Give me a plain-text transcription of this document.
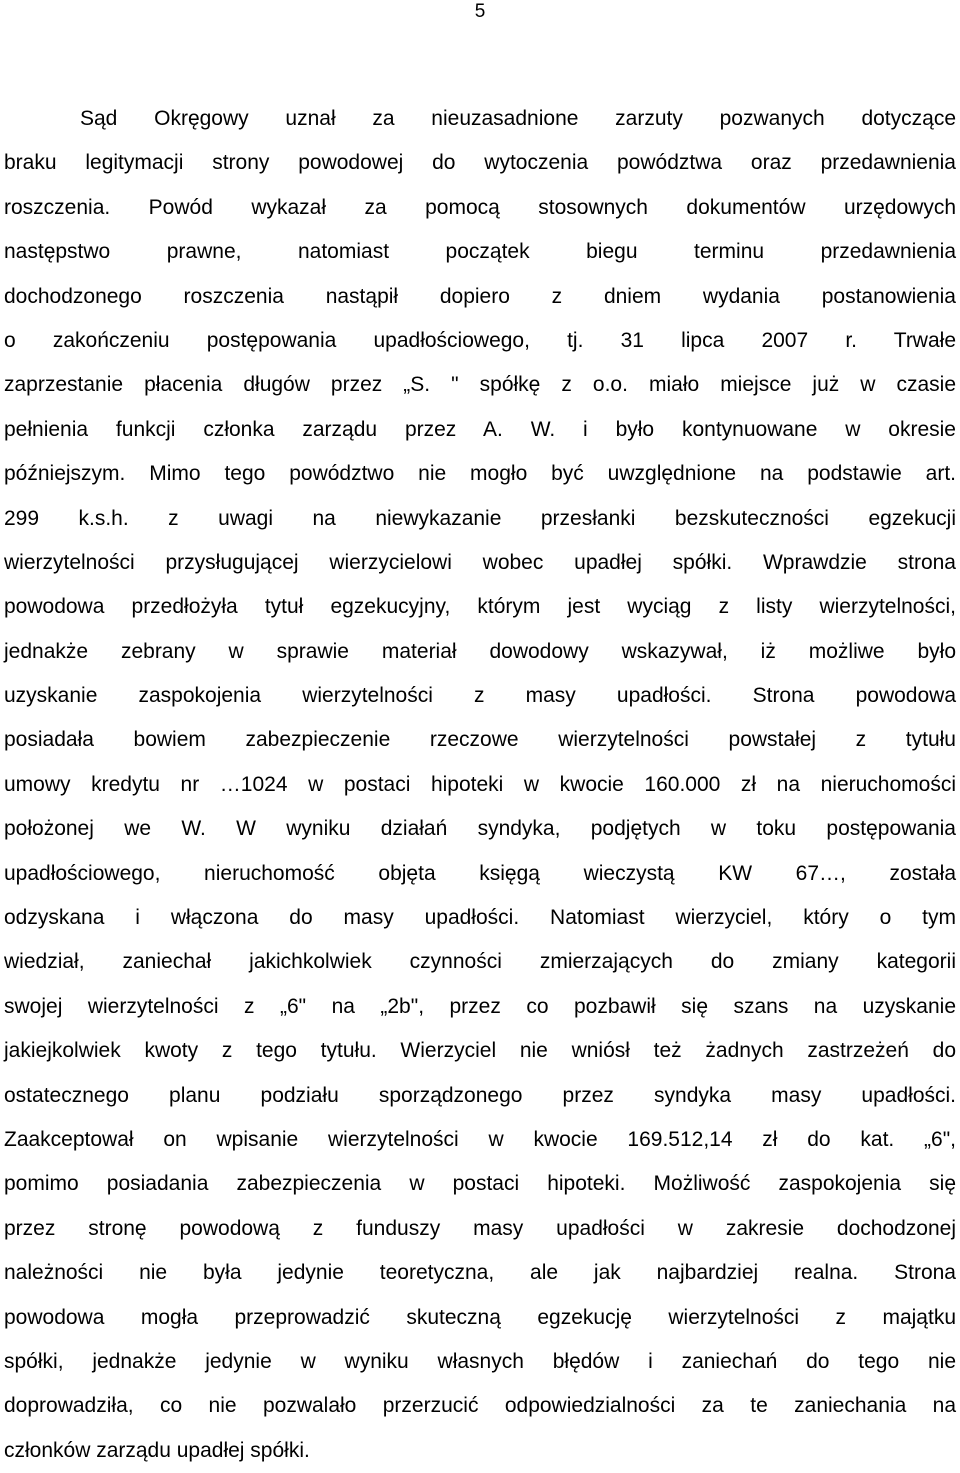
5
Sąd Okręgowy uznał za nieuzasadnione zarzuty pozwanych dotyczące
braku legitymacji strony powodowej do wytoczenia powództwa oraz przedawnienia
roszczenia. Powód wykazał za pomocą stosownych dokumentów urzędowych
następstwo prawne, natomiast początek biegu terminu przedawnienia
dochodzonego roszczenia nastąpił dopiero z dniem wydania postanowienia
o zakończeniu postępowania upadłościowego, tj. 31 lipca 2007 r. Trwałe
zaprzestanie płacenia długów przez „S. " spółkę z o.o. miało miejsce już w czasie
pełnienia funkcji członka zarządu przez A. W. i było kontynuowane w okresie
późniejszym. Mimo tego powództwo nie mogło być uwzględnione na podstawie art.
299 k.s.h. z uwagi na niewykazanie przesłanki bezskuteczności egzekucji
wierzytelności przysługującej wierzycielowi wobec upadłej spółki. Wprawdzie strona
powodowa przedłożyła tytuł egzekucyjny, którym jest wyciąg z listy wierzytelności,
jednakże zebrany w sprawie materiał dowodowy wskazywał, iż możliwe było
uzyskanie zaspokojenia wierzytelności z masy upadłości. Strona powodowa
posiadała bowiem zabezpieczenie rzeczowe wierzytelności powstałej z tytułu
umowy kredytu nr …1024 w postaci hipoteki w kwocie 160.000 zł na nieruchomości
położonej we W. W wyniku działań syndyka, podjętych w toku postępowania
upadłościowego, nieruchomość objęta księgą wieczystą KW 67…, została
odzyskana i włączona do masy upadłości. Natomiast wierzyciel, który o tym
wiedział, zaniechał jakichkolwiek czynności zmierzających do zmiany kategorii
swojej wierzytelności z „6" na „2b", przez co pozbawił się szans na uzyskanie
jakiejkolwiek kwoty z tego tytułu. Wierzyciel nie wniósł też żadnych zastrzeżeń do
ostatecznego planu podziału sporządzonego przez syndyka masy upadłości.
Zaakceptował on wpisanie wierzytelności w kwocie 169.512,14 zł do kat. „6",
pomimo posiadania zabezpieczenia w postaci hipoteki. Możliwość zaspokojenia się
przez stronę powodową z funduszy masy upadłości w zakresie dochodzonej
należności nie była jedynie teoretyczna, ale jak najbardziej realna. Strona
powodowa mogła przeprowadzić skuteczną egzekucję wierzytelności z majątku
spółki, jednakże jedynie w wyniku własnych błędów i zaniechań do tego nie
doprowadziła, co nie pozwalało przerzucić odpowiedzialności za te zaniechania na
członków zarządu upadłej spółki.
